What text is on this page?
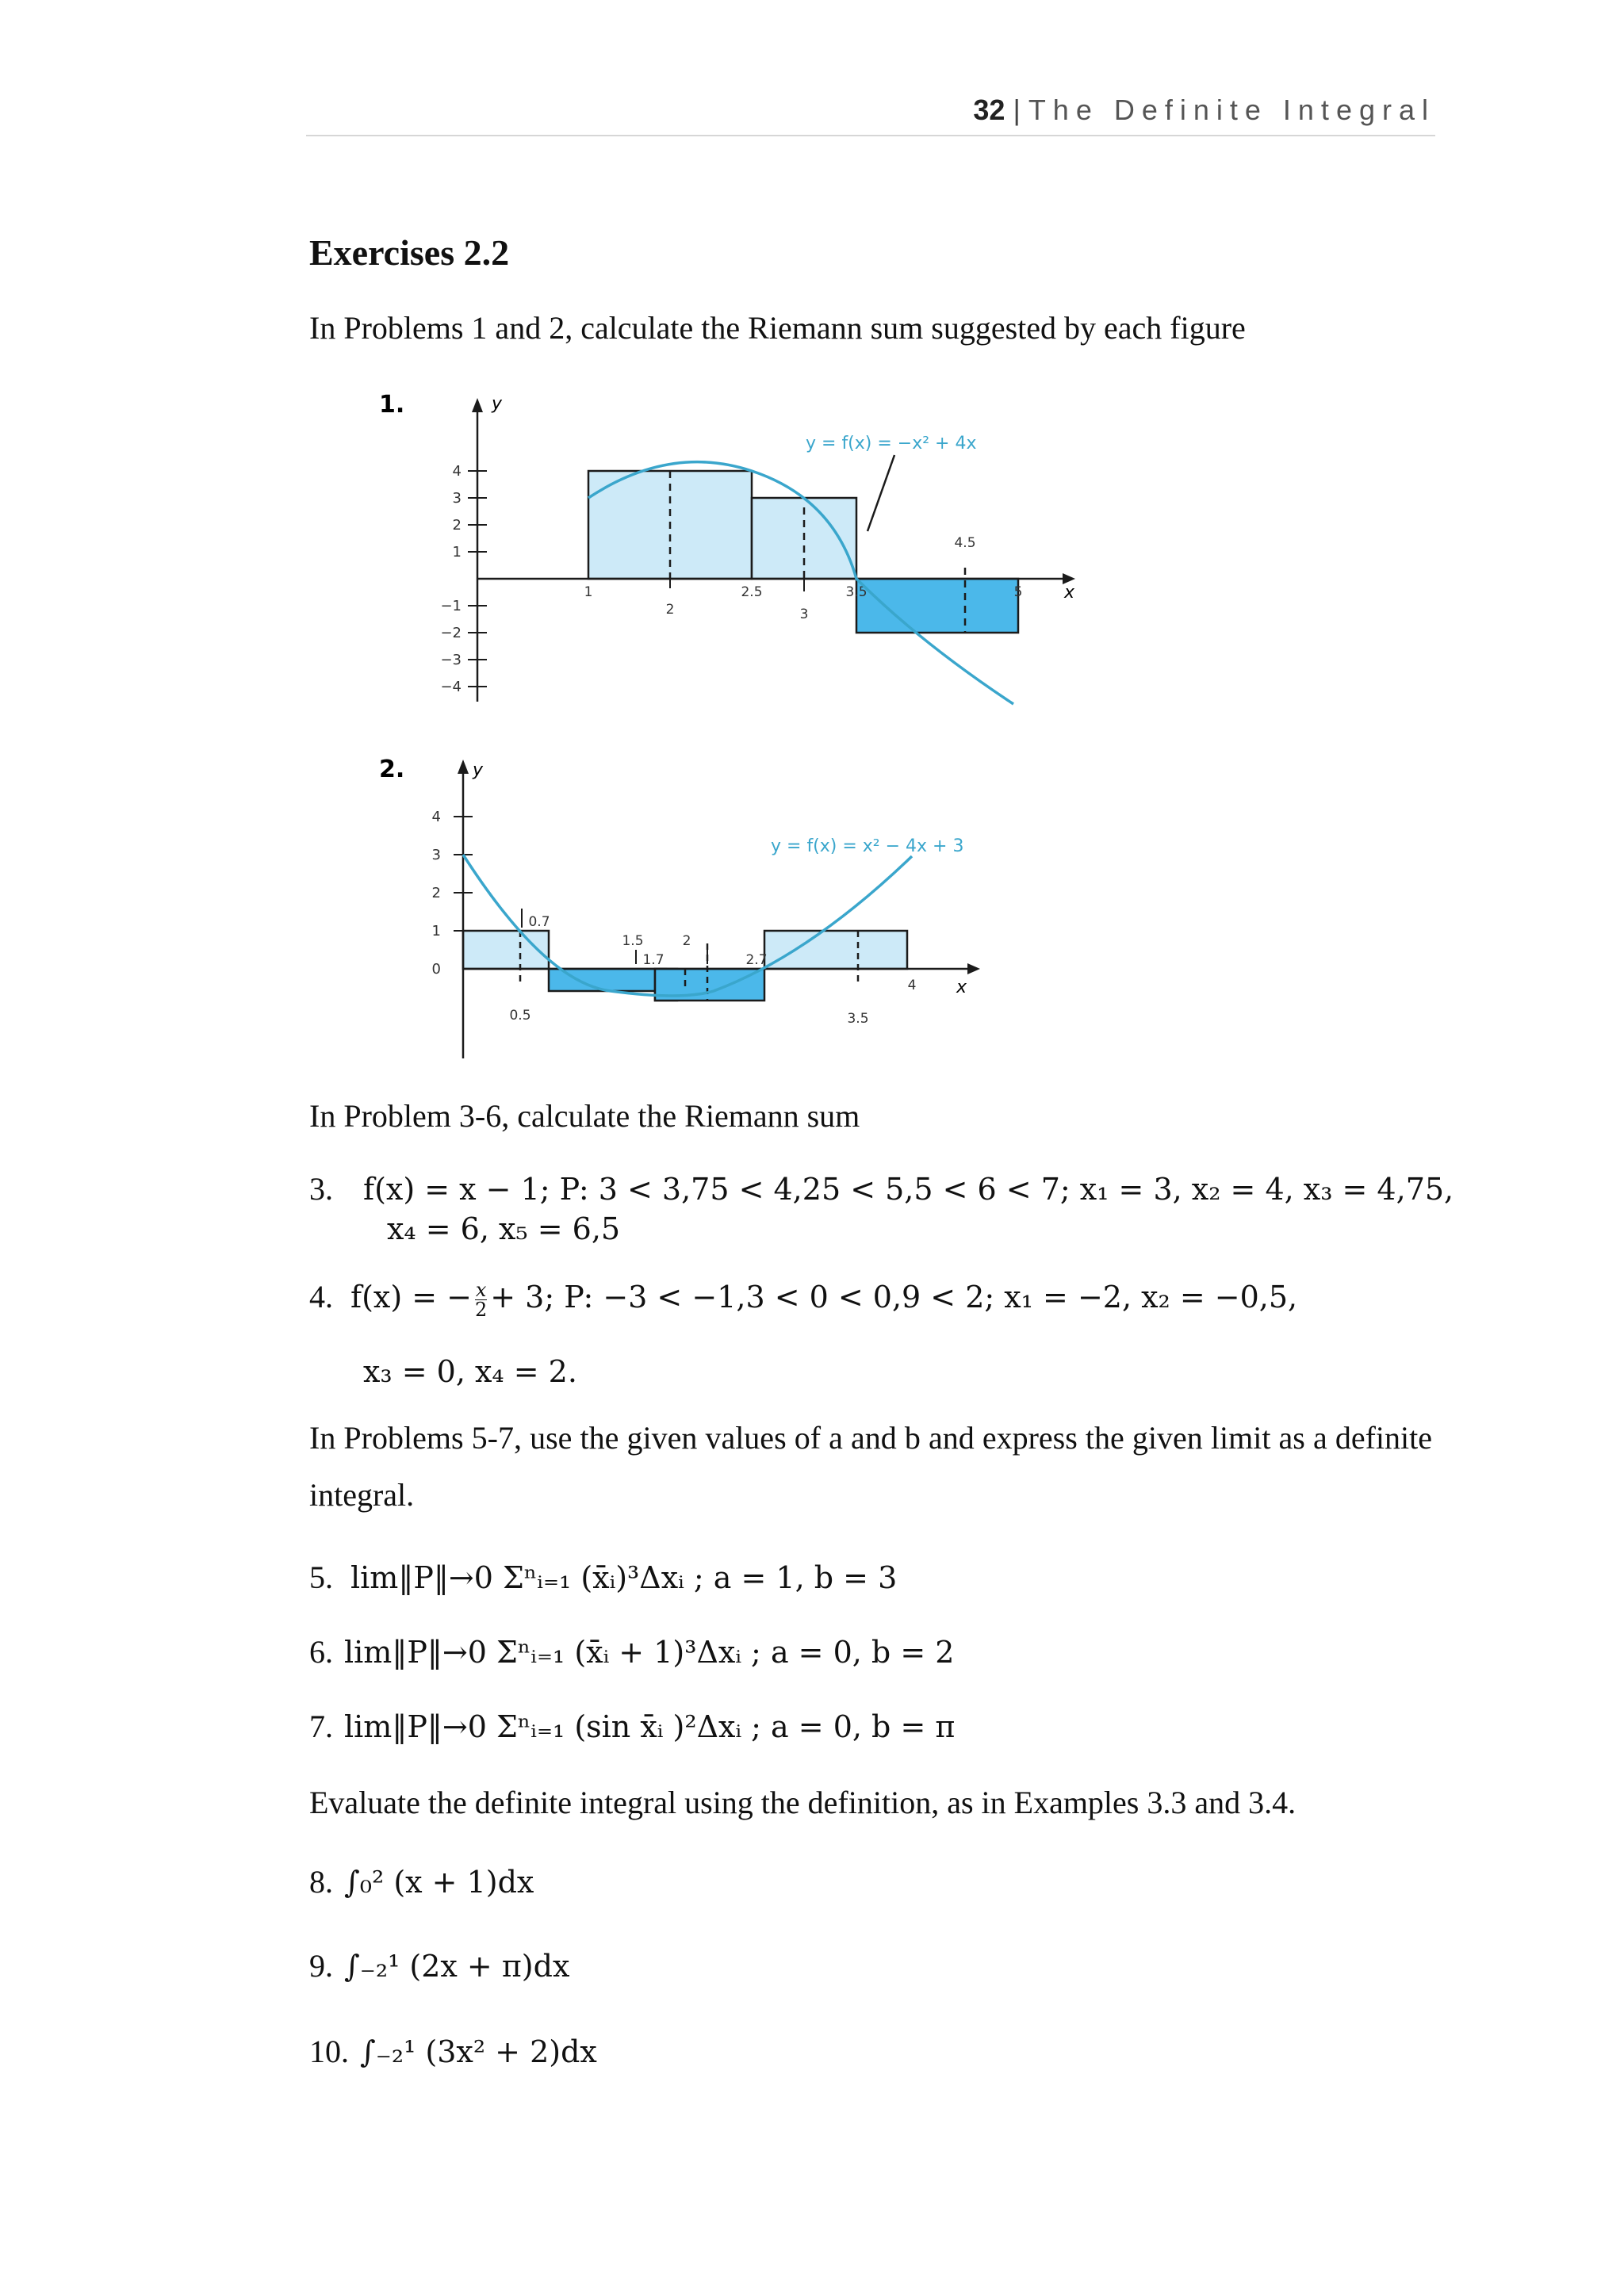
32 | The Definite Integral
Exercises 2.2
In Problems 1 and 2, calculate the Riemann sum suggested by each figure
1.	y
x
4
3
2
1
−1
−2
−3
−4
1
2
2.5
3
3.5
4.5
5
y = f(x) = −x² + 4x
2.	y
x
4
3
2
1
0
0.7
0.5
1.5
1.7
2
2.7
3.5
4
y = f(x) = x² − 4x + 3
In Problem 3-6, calculate the Riemann sum
3. f(x) = x − 1; P: 3 < 3,75 < 4,25 < 5,5 < 6 < 7; x₁ = 3, x₂ = 4, x₃ = 4,75,
x₄ = 6, x₅ = 6,5
4. f(x) = − $\frac{x}{2} + 3$; P: −3 < −1,3 < 0 < 0,9 < 2; x₁ = −2, x₂ = −0,5,
x₃ = 0, x₄ = 2.
In Problems 5-7, use the given values of a and b and express the given limit as a definite integral.
5. lim‖P‖→0 Σⁿᵢ₌₁ (x̄ᵢ)³Δxᵢ ; a = 1, b = 3
6. lim‖P‖→0 Σⁿᵢ₌₁ (x̄ᵢ + 1)³Δxᵢ ; a = 0, b = 2
7. lim‖P‖→0 Σⁿᵢ₌₁ (sin x̄ᵢ )²Δxᵢ ; a = 0, b = π
Evaluate the definite integral using the definition, as in Examples 3.3 and 3.4.
8. ∫₀² (x + 1)dx
9. ∫₋₂¹ (2x + π)dx
10. ∫₋₂¹ (3x² + 2)dx
